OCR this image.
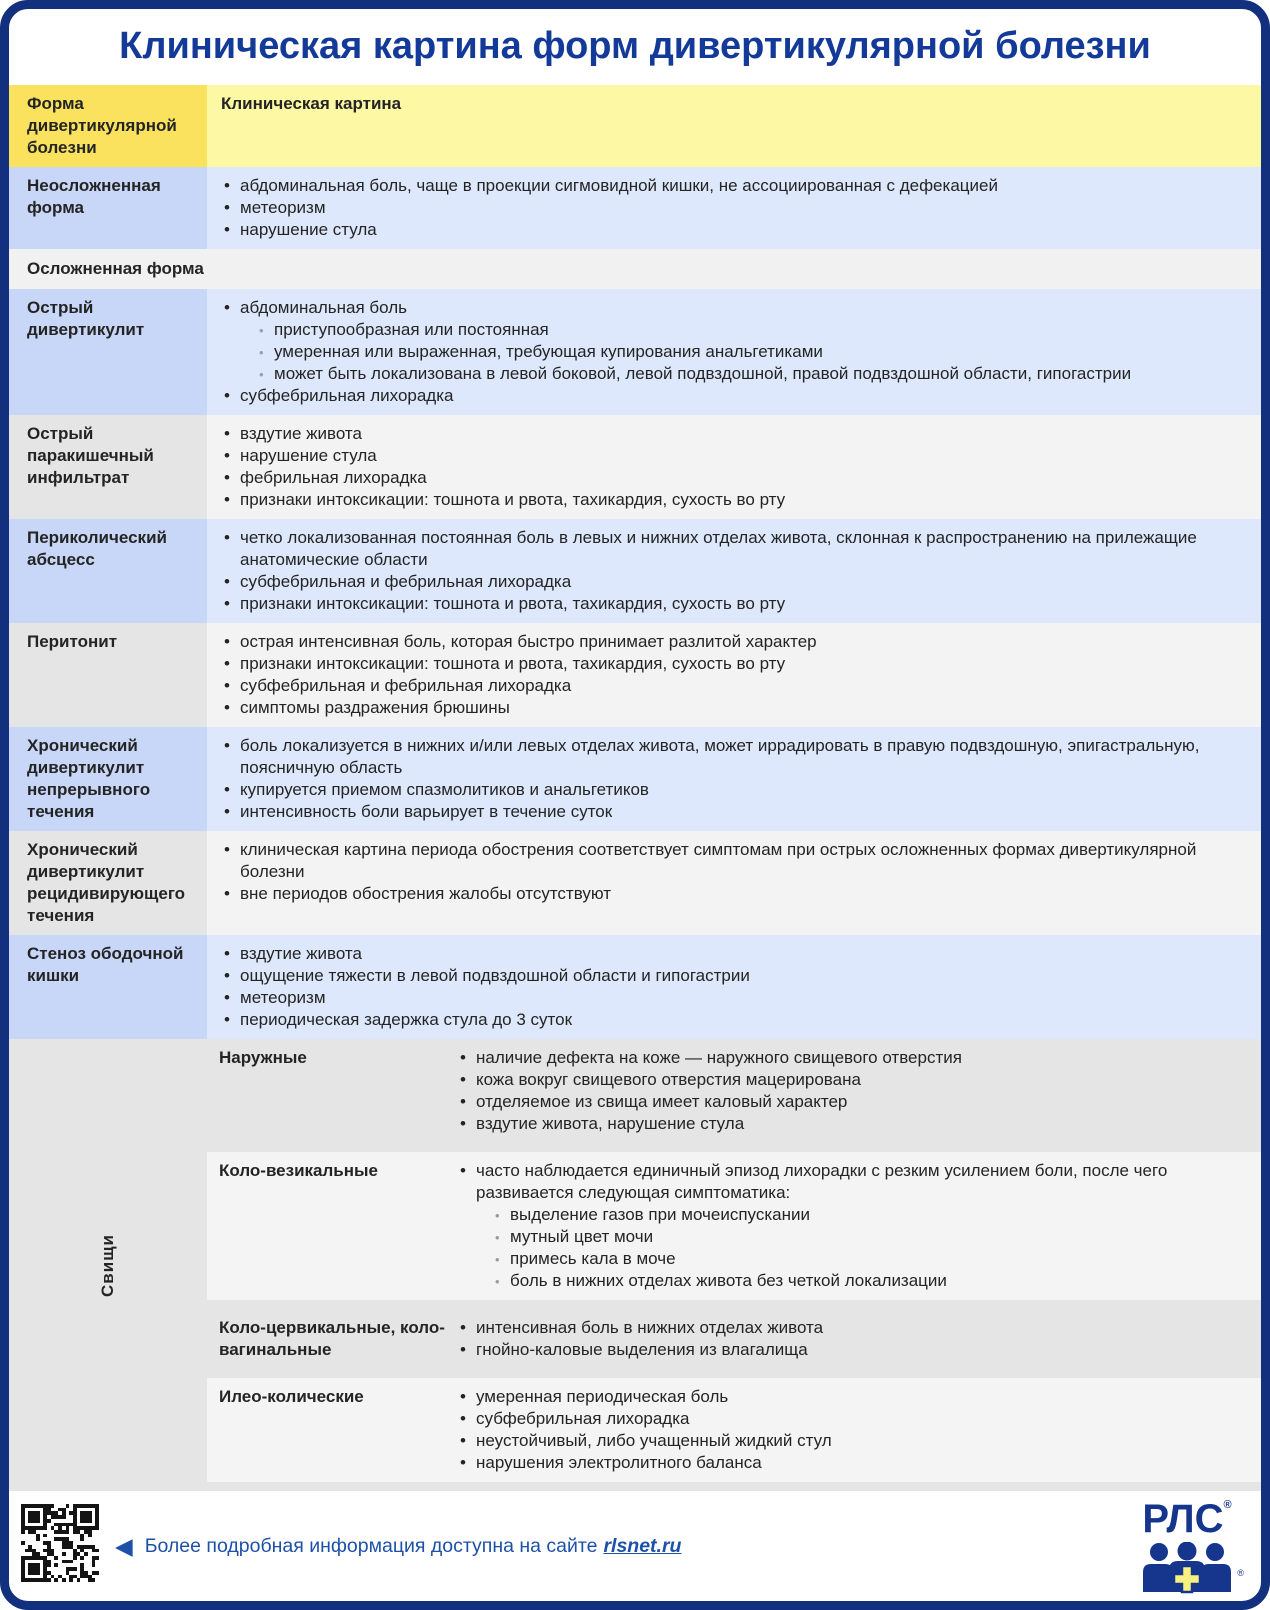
Клиническая картина форм дивертикулярной болезни
Форма дивертикулярной болезни
Клиническая картина
Неосложненная форма
• абдоминальная боль, чаще в проекции сигмовидной кишки, не ассоциированная с дефекацией
• метеоризм
• нарушение стула
Осложненная форма
Острый дивертикулит
• абдоминальная боль
• приступообразная или постоянная
• умеренная или выраженная, требующая купирования анальгетиками
• может быть локализована в левой боковой, левой подвздошной, правой подвздошной области, гипогастрии
• субфебрильная лихорадка
Острый паракишечный инфильтрат
• вздутие живота
• нарушение стула
• фебрильная лихорадка
• признаки интоксикации: тошнота и рвота, тахикардия, сухость во рту
Периколический абсцесс
• четко локализованная постоянная боль в левых и нижних отделах живота, склонная к распространению на прилежащие анатомические области
• субфебрильная и фебрильная лихорадка
• признаки интоксикации: тошнота и рвота, тахикардия, сухость во рту
Перитонит	• острая интенсивная боль, которая быстро принимает разлитой характер
• признаки интоксикации: тошнота и рвота, тахикардия, сухость во рту
• субфебрильная и фебрильная лихорадка
• симптомы раздражения брюшины
Хронический дивертикулит непрерывного течения
• боль локализуется в нижних и/или левых отделах живота, может иррадировать в правую подвздошную, эпигастральную, поясничную область
• купируется приемом спазмолитиков и анальгетиков
• интенсивность боли варьирует в течение суток
Хронический дивертикулит рецидивирующего течения
• клиническая картина периода обострения соответствует симптомам при острых осложненных формах дивертикулярной болезни
• вне периодов обострения жалобы отсутствуют
Стеноз ободочной кишки
• вздутие живота
• ощущение тяжести в левой подвздошной области и гипогастрии
• метеоризм
• периодическая задержка стула до 3 суток
Свищи
Наружные	• наличие дефекта на коже — наружного свищевого отверстия
• кожа вокруг свищевого отверстия мацерирована
• отделяемое из свища имеет каловый характер
• вздутие живота, нарушение стула
Коло-везикальные	• часто наблюдается единичный эпизод лихорадки с резким усилением боли, после чего развивается следующая симптоматика:
• выделение газов при мочеиспускании
• мутный цвет мочи
• примесь кала в моче
• боль в нижних отделах живота без четкой локализации
Коло-цервикальные, коло-вагинальные
• интенсивная боль в нижних отделах живота
• гнойно-каловые выделения из влагалища
Илео-колические	• умеренная периодическая боль
• субфебрильная лихорадка
• неустойчивый, либо учащенный жидкий стул
• нарушения электролитного баланса
◀ Более подробная информация доступна на сайте rlsnet.ru
РЛС®
®
